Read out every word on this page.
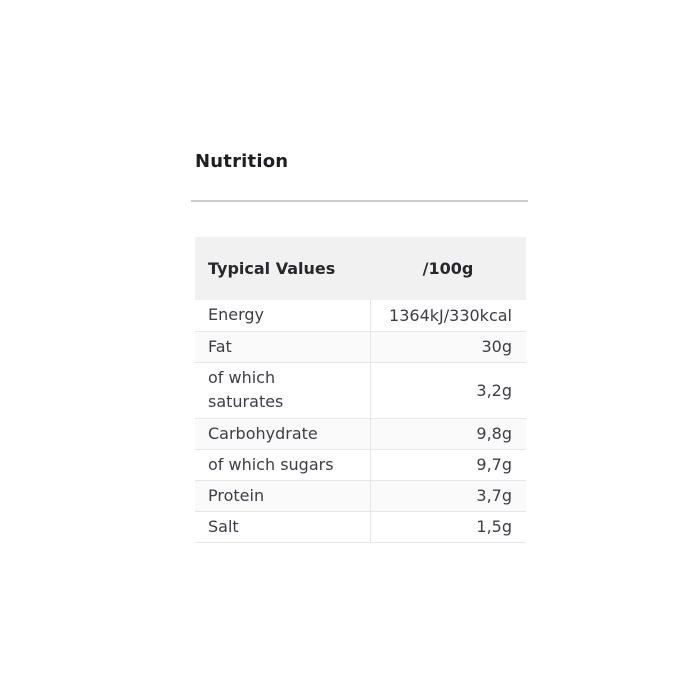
Nutrition
Typical Values	/100g
Energy	1364kJ/330kcal
Fat	30g
of which saturates	3,2g
Carbohydrate	9,8g
of which sugars	9,7g
Protein	3,7g
Salt	1,5g
